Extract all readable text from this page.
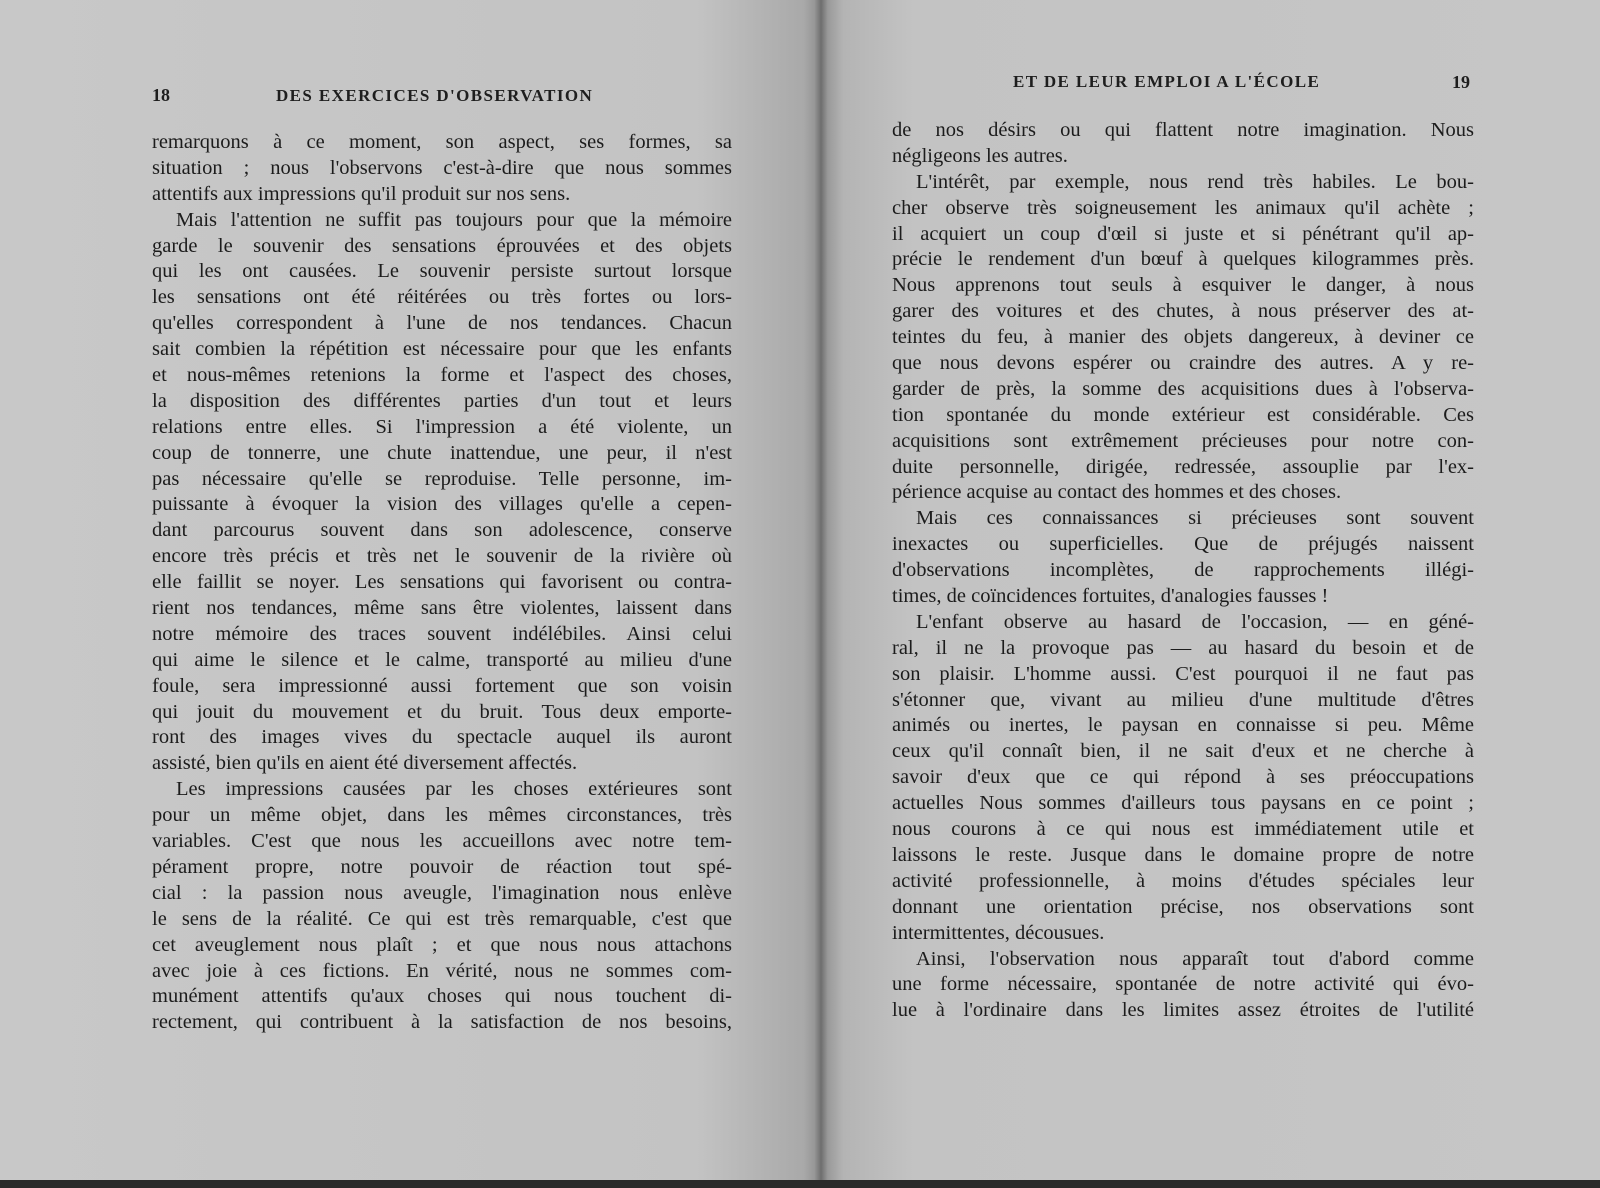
18	DES EXERCICES D'OBSERVATION
remarquons à ce moment, son aspect, ses formes, sa
situation ; nous l'observons c'est-à-dire que nous sommes
attentifs aux impressions qu'il produit sur nos sens.
Mais l'attention ne suffit pas toujours pour que la mémoire
garde le souvenir des sensations éprouvées et des objets
qui les ont causées. Le souvenir persiste surtout lorsque
les sensations ont été réitérées ou très fortes ou lors-
qu'elles correspondent à l'une de nos tendances. Chacun
sait combien la répétition est nécessaire pour que les enfants
et nous-mêmes retenions la forme et l'aspect des choses,
la disposition des différentes parties d'un tout et leurs
relations entre elles. Si l'impression a été violente, un
coup de tonnerre, une chute inattendue, une peur, il n'est
pas nécessaire qu'elle se reproduise. Telle personne, im-
puissante à évoquer la vision des villages qu'elle a cepen-
dant parcourus souvent dans son adolescence, conserve
encore très précis et très net le souvenir de la rivière où
elle faillit se noyer. Les sensations qui favorisent ou contra-
rient nos tendances, même sans être violentes, laissent dans
notre mémoire des traces souvent indélébiles. Ainsi celui
qui aime le silence et le calme, transporté au milieu d'une
foule, sera impressionné aussi fortement que son voisin
qui jouit du mouvement et du bruit. Tous deux emporte-
ront des images vives du spectacle auquel ils auront
assisté, bien qu'ils en aient été diversement affectés.
Les impressions causées par les choses extérieures sont
pour un même objet, dans les mêmes circonstances, très
variables. C'est que nous les accueillons avec notre tem-
pérament propre, notre pouvoir de réaction tout spé-
cial : la passion nous aveugle, l'imagination nous enlève
le sens de la réalité. Ce qui est très remarquable, c'est que
cet aveuglement nous plaît ; et que nous nous attachons
avec joie à ces fictions. En vérité, nous ne sommes com-
munément attentifs qu'aux choses qui nous touchent di-
rectement, qui contribuent à la satisfaction de nos besoins,
ET DE LEUR EMPLOI A L'ÉCOLE	19
de nos désirs ou qui flattent notre imagination. Nous
négligeons les autres.
L'intérêt, par exemple, nous rend très habiles. Le bou-
cher observe très soigneusement les animaux qu'il achète ;
il acquiert un coup d'œil si juste et si pénétrant qu'il ap-
précie le rendement d'un bœuf à quelques kilogrammes près.
Nous apprenons tout seuls à esquiver le danger, à nous
garer des voitures et des chutes, à nous préserver des at-
teintes du feu, à manier des objets dangereux, à deviner ce
que nous devons espérer ou craindre des autres. A y re-
garder de près, la somme des acquisitions dues à l'observa-
tion spontanée du monde extérieur est considérable. Ces
acquisitions sont extrêmement précieuses pour notre con-
duite personnelle, dirigée, redressée, assouplie par l'ex-
périence acquise au contact des hommes et des choses.
Mais ces connaissances si précieuses sont souvent
inexactes ou superficielles. Que de préjugés naissent
d'observations incomplètes, de rapprochements illégi-
times, de coïncidences fortuites, d'analogies fausses !
L'enfant observe au hasard de l'occasion, — en géné-
ral, il ne la provoque pas — au hasard du besoin et de
son plaisir. L'homme aussi. C'est pourquoi il ne faut pas
s'étonner que, vivant au milieu d'une multitude d'êtres
animés ou inertes, le paysan en connaisse si peu. Même
ceux qu'il connaît bien, il ne sait d'eux et ne cherche à
savoir d'eux que ce qui répond à ses préoccupations
actuelles Nous sommes d'ailleurs tous paysans en ce point ;
nous courons à ce qui nous est immédiatement utile et
laissons le reste. Jusque dans le domaine propre de notre
activité professionnelle, à moins d'études spéciales leur
donnant une orientation précise, nos observations sont
intermittentes, décousues.
Ainsi, l'observation nous apparaît tout d'abord comme
une forme nécessaire, spontanée de notre activité qui évo-
lue à l'ordinaire dans les limites assez étroites de l'utilité
